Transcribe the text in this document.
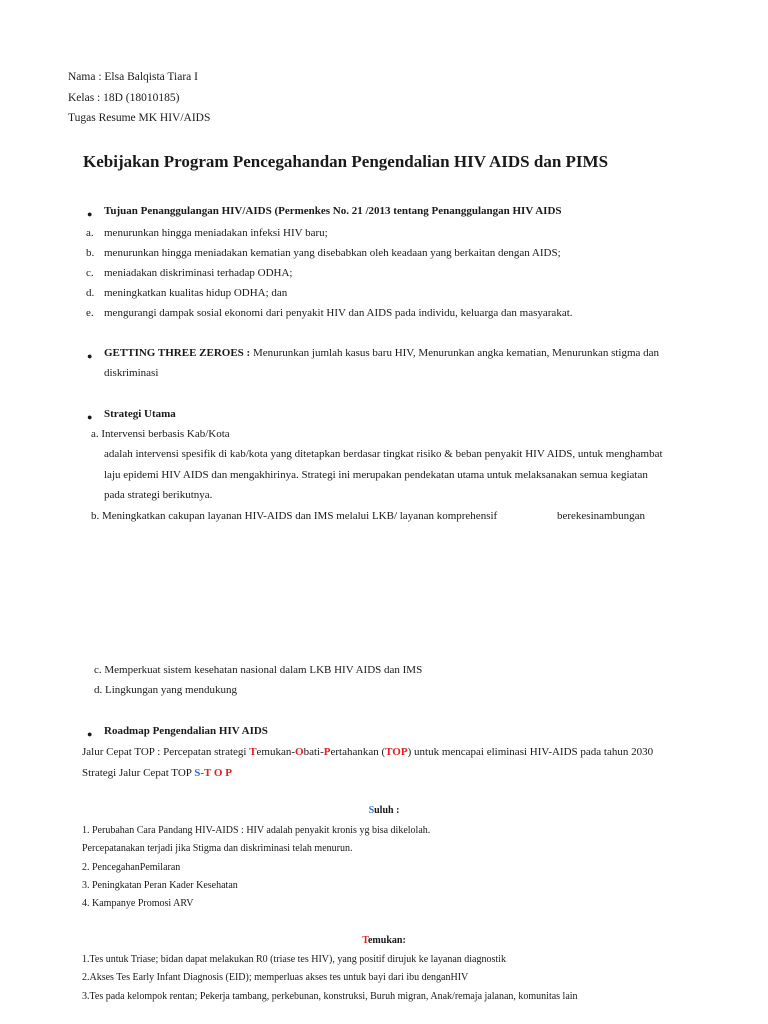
Nama : Elsa Balqista Tiara I
Kelas : 18D (18010185)
Tugas Resume MK HIV/AIDS
Kebijakan Program Pencegahandan Pengendalian HIV AIDS dan PIMS
● Tujuan Penanggulangan HIV/AIDS (Permenkes No. 21 /2013 tentang Penanggulangan HIV AIDS
a. menurunkan hingga meniadakan infeksi HIV baru;
b. menurunkan hingga meniadakan kematian yang disebabkan oleh keadaan yang berkaitan dengan AIDS;
c. meniadakan diskriminasi terhadap ODHA;
d. meningkatkan kualitas hidup ODHA; dan
e. mengurangi dampak sosial ekonomi dari penyakit HIV dan AIDS pada individu, keluarga dan masyarakat.
● GETTING THREE ZEROES : Menurunkan jumlah kasus baru HIV, Menurunkan angka kematian, Menurunkan stigma dan
diskriminasi
● Strategi Utama
a. Intervensi berbasis Kab/Kota
adalah intervensi spesifik di kab/kota yang ditetapkan berdasar tingkat risiko & beban penyakit HIV AIDS, untuk menghambat
laju epidemi HIV AIDS dan mengakhirinya. Strategi ini merupakan pendekatan utama untuk melaksanakan semua kegiatan
pada strategi berikutnya.
b. Meningkatkan cakupan layanan HIV-AIDS dan IMS melalui LKB/ layanan komprehensif	berekesinambungan
c. Memperkuat sistem kesehatan nasional dalam LKB HIV AIDS dan IMS
d. Lingkungan yang mendukung
● Roadmap Pengendalian HIV AIDS
Jalur Cepat TOP : Percepatan strategi Temukan-Obati-Pertahankan (TOP) untuk mencapai eliminasi HIV-AIDS pada tahun 2030
Strategi Jalur Cepat TOP S-T O P
Suluh :
1. Perubahan Cara Pandang HIV-AIDS : HIV adalah penyakit kronis yg bisa dikelolah.
Percepatanakan terjadi jika Stigma dan diskriminasi telah menurun.
2. PencegahanPemilaran
3. Peningkatan Peran Kader Kesehatan
4. Kampanye Promosi ARV
Temukan:
1.Tes untuk Triase; bidan dapat melakukan R0 (triase tes HIV), yang positif dirujuk ke layanan diagnostik
2.Akses Tes Early Infant Diagnosis (EID); memperluas akses tes untuk bayi dari ibu denganHIV
3.Tes pada kelompok rentan; Pekerja tambang, perkebunan, konstruksi, Buruh migran, Anak/remaja jalanan, komunitas lain
